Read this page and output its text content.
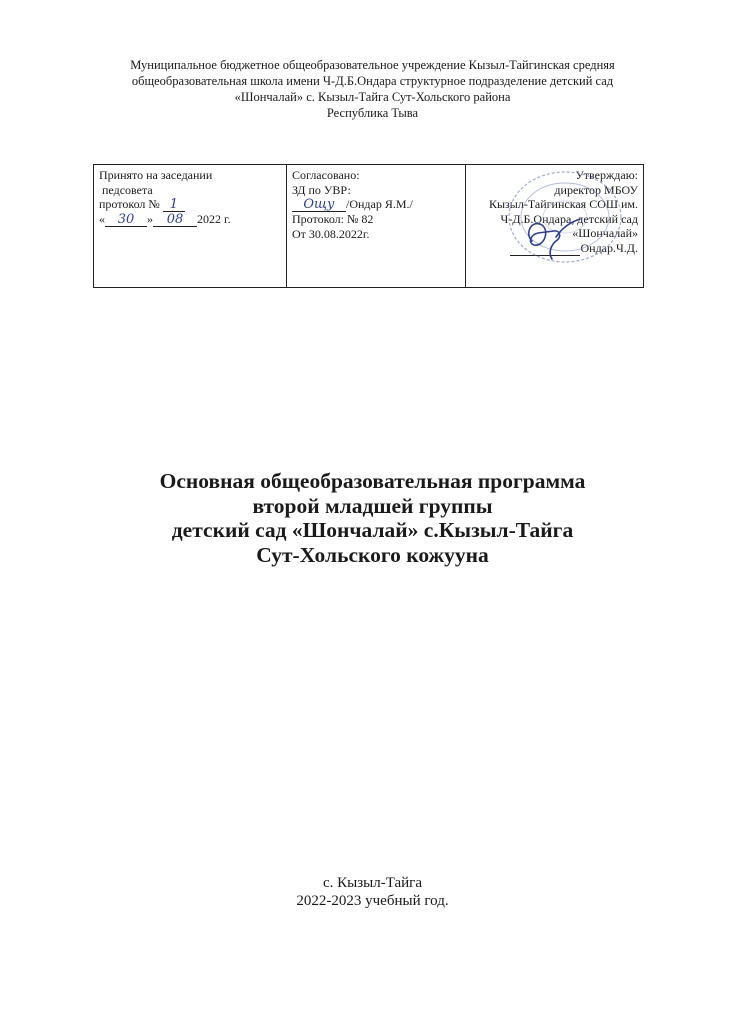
Муниципальное бюджетное общеобразовательное учреждение Кызыл-Тайгинская средняя
общеобразовательная школа имени Ч-Д.Б.Ондара структурное подразделение детский сад
«Шончалай» с. Кызыл-Тайга Сут-Хольского района
Республика Тыва
Принято на заседании
педсовета
протокол № 1
« 30 » 08 2022 г.

Согласовано:
ЗД по УВР:
Ощу /Ондар Я.М./
Протокол: № 82
От 30.08.2022г.

Утверждаю:
директор МБОУ
Кызыл-Тайгинская СОШ им.
Ч-Д.Б.Ондара, детский сад
«Шончалай»
Ондар.Ч.Д.
Основная общеобразовательная программа
второй младшей группы
детский сад «Шончалай» с.Кызыл-Тайга
Сут-Хольского кожууна
с. Кызыл-Тайга
2022-2023 учебный год.
